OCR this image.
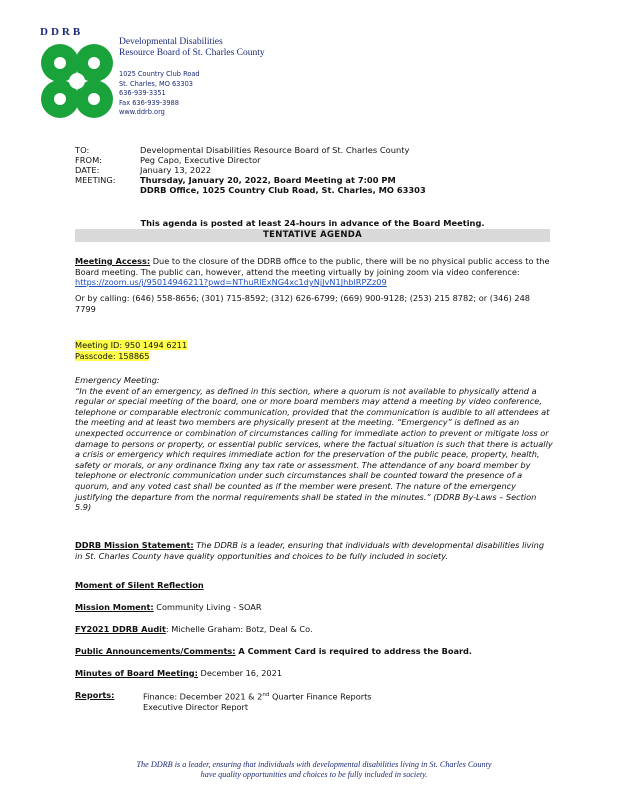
DDRB
Developmental Disabilities
Resource Board of St. Charles County
1025 Country Club Road
St. Charles, MO 63303
636-939-3351
Fax 636-939-3988
www.ddrb.org
TO:	Developmental Disabilities Resource Board of St. Charles County
FROM:	Peg Capo, Executive Director
DATE:	January 13, 2022
MEETING:	Thursday, January 20, 2022, Board Meeting at 7:00 PM
DDRB Office, 1025 Country Club Road, St. Charles, MO 63303
This agenda is posted at least 24-hours in advance of the Board Meeting.
TENTATIVE AGENDA
Meeting Access: Due to the closure of the DDRB office to the public, there will be no physical public access to the Board meeting. The public can, however, attend the meeting virtually by joining zoom via video conference: https://zoom.us/j/95014946211?pwd=NThuRlExNG4xc1dyNjJvN1JhblRPZz09
Or by calling: (646) 558-8656; (301) 715-8592; (312) 626-6799; (669) 900-9128; (253) 215 8782; or (346) 248 7799
Meeting ID: 950 1494 6211
Passcode: 158865
Emergency Meeting:
“In the event of an emergency, as defined in this section, where a quorum is not available to physically attend a regular or special meeting of the board, one or more board members may attend a meeting by video conference, telephone or comparable electronic communication, provided that the communication is audible to all attendees at the meeting and at least two members are physically present at the meeting. “Emergency” is defined as an unexpected occurrence or combination of circumstances calling for immediate action to prevent or mitigate loss or damage to persons or property, or essential public services, where the factual situation is such that there is actually a crisis or emergency which requires immediate action for the preservation of the public peace, property, health, safety or morals, or any ordinance fixing any tax rate or assessment. The attendance of any board member by telephone or electronic communication under such circumstances shall be counted toward the presence of a quorum, and any voted cast shall be counted as if the member were present. The nature of the emergency justifying the departure from the normal requirements shall be stated in the minutes.” (DDRB By-Laws – Section 5.9)
DDRB Mission Statement: The DDRB is a leader, ensuring that individuals with developmental disabilities living in St. Charles County have quality opportunities and choices to be fully included in society.
Moment of Silent Reflection
Mission Moment: Community Living - SOAR
FY2021 DDRB Audit: Michelle Graham: Botz, Deal & Co.
Public Announcements/Comments: A Comment Card is required to address the Board.
Minutes of Board Meeting: December 16, 2021
Reports:	Finance: December 2021 & 2nd Quarter Finance Reports
Executive Director Report
The DDRB is a leader, ensuring that individuals with developmental disabilities living in St. Charles County
have quality opportunities and choices to be fully included in society.
